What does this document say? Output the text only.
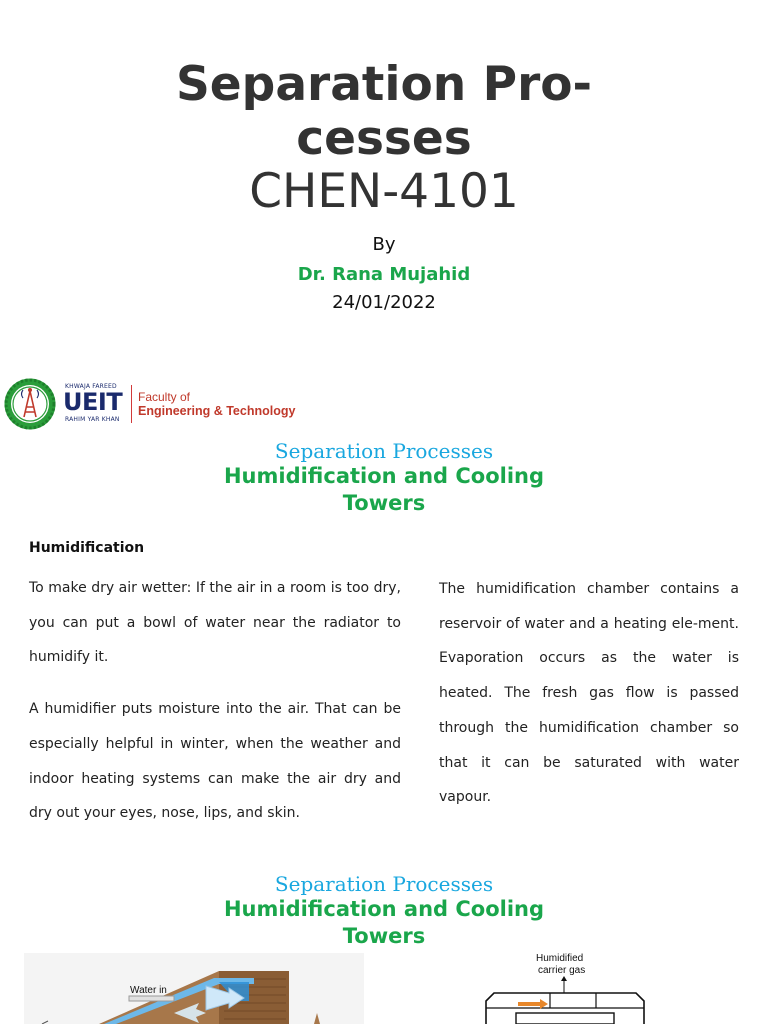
Separation Pro-
cesses
CHEN-4101
By
Dr. Rana Mujahid
24/01/2022
KHWAJA FAREED
UEIT
RAHIM YAR KHAN
Faculty of
Engineering & Technology
Separation Processes
Humidification and Cooling
Towers
Humidification

To make dry air wetter: If the air in a room is too dry, you can put a bowl of water near the radiator to humidify it.

A humidifier puts moisture into the air. That can be especially helpful in winter, when the weather and indoor heating systems can make the air dry and dry out your eyes, nose, lips, and skin.

The humidification chamber contains a reservoir of water and a heating ele-ment. Evaporation occurs as the water is heated. The fresh gas flow is passed through the humidification chamber so that it can be saturated with water vapour.

Separation Processes
Humidification and Cooling
Towers
Water in
Humidified
carrier gas
